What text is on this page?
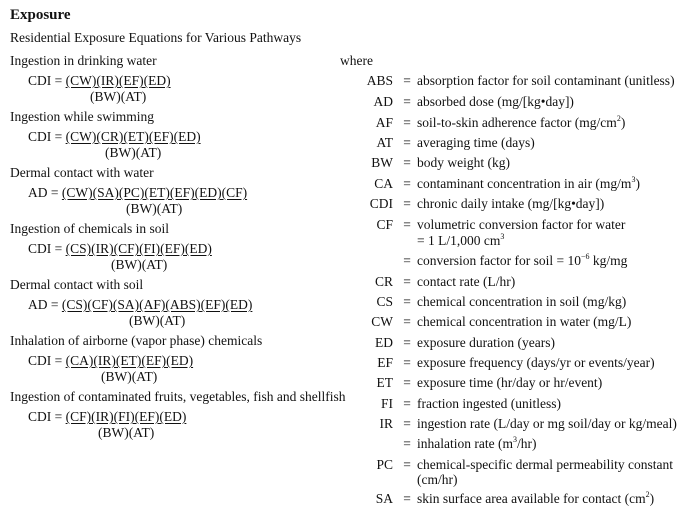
Exposure
Residential Exposure Equations for Various Pathways
Ingestion in drinking water
CDI = (CW)(IR)(EF)(ED)
(BW)(AT)
Ingestion while swimming
CDI = (CW)(CR)(ET)(EF)(ED)
(BW)(AT)
Dermal contact with water
AD = (CW)(SA)(PC)(ET)(EF)(ED)(CF)
(BW)(AT)
Ingestion of chemicals in soil
CDI = (CS)(IR)(CF)(FI)(EF)(ED)
(BW)(AT)
Dermal contact with soil
AD = (CS)(CF)(SA)(AF)(ABS)(EF)(ED)
(BW)(AT)
Inhalation of airborne (vapor phase) chemicals
CDI = (CA)(IR)(ET)(EF)(ED)
(BW)(AT)
Ingestion of contaminated fruits, vegetables, fish and shellfish
CDI = (CF)(IR)(FI)(EF)(ED)
(BW)(AT)
where
ABS = absorption factor for soil contaminant (unitless)
AD = absorbed dose (mg/[kg•day])
AF = soil-to-skin adherence factor $(mg/cm^2)$
AT = averaging time (days)
BW = body weight (kg)
CA = contaminant concentration in air $(mg/m^3)$
CDI = chronic daily intake (mg/[kg•day])
CF = volumetric conversion factor for water
= 1 L/1,000 $cm^3$
= conversion factor for soil = $10^{-6}$ kg/mg
CR = contact rate (L/hr)
CS = chemical concentration in soil (mg/kg)
CW = chemical concentration in water (mg/L)
ED = exposure duration (years)
EF = exposure frequency (days/yr or events/year)
ET = exposure time (hr/day or hr/event)
FI = fraction ingested (unitless)
IR = ingestion rate (L/day or mg soil/day or kg/meal)
= inhalation rate $(m^3/hr)$
PC = chemical-specific dermal permeability constant
(cm/hr)
SA = skin surface area available for contact $(cm^2)$
